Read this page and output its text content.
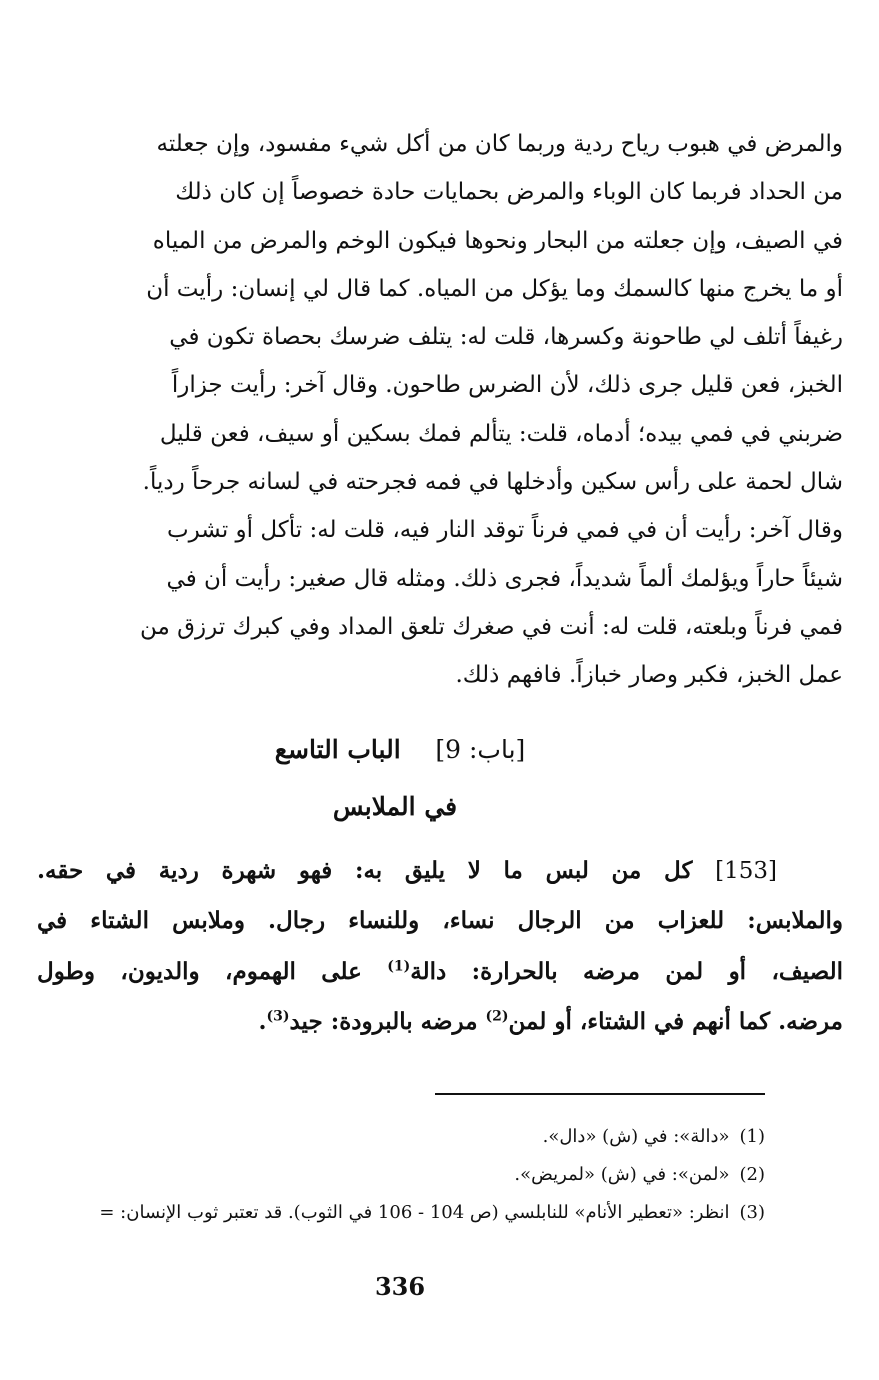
والمرض في هبوب رياح ردية وربما كان من أكل شيء مفسود، وإن جعلته
من الحداد فربما كان الوباء والمرض بحمايات حادة خصوصاً إن كان ذلك
في الصيف، وإن جعلته من البحار ونحوها فيكون الوخم والمرض من المياه
أو ما يخرج منها كالسمك وما يؤكل من المياه. كما قال لي إنسان: رأيت أن
رغيفاً أتلف لي طاحونة وكسرها، قلت له: يتلف ضرسك بحصاة تكون في
الخبز، فعن قليل جرى ذلك، لأن الضرس طاحون. وقال آخر: رأيت جزاراً
ضربني في فمي بيده؛ أدماه، قلت: يتألم فمك بسكين أو سيف، فعن قليل
شال لحمة على رأس سكين وأدخلها في فمه فجرحته في لسانه جرحاً ردياً.
وقال آخر: رأيت أن في فمي فرناً توقد النار فيه، قلت له: تأكل أو تشرب
شيئاً حاراً ويؤلمك ألماً شديداً، فجرى ذلك. ومثله قال صغير: رأيت أن في
فمي فرناً وبلعته، قلت له: أنت في صغرك تلعق المداد وفي كبرك ترزق من
عمل الخبز، فكبر وصار خبازاً. فافهم ذلك.
[باب: 9] الباب التاسع
في الملابس
[153] كل من لبس ما لا يليق به: فهو شهرة ردية في حقه.
والملابس: للعزاب من الرجال نساء، وللنساء رجال. وملابس الشتاء في
الصيف، أو لمن مرضه بالحرارة: دالة$^{(1)}$ على الهموم، والديون، وطول
مرضه. كما أنهم في الشتاء، أو لمن$^{(2)}$ مرضه بالبرودة: جيد$^{(3)}$.
(1)«دالة»: في (ش) «دال».
(2)«لمن»: في (ش) «لمريض».
(3)انظر: «تعطير الأنام» للنابلسي (ص 104 - 106 في الثوب). قد تعتبر ثوب الإنسان: =
336
